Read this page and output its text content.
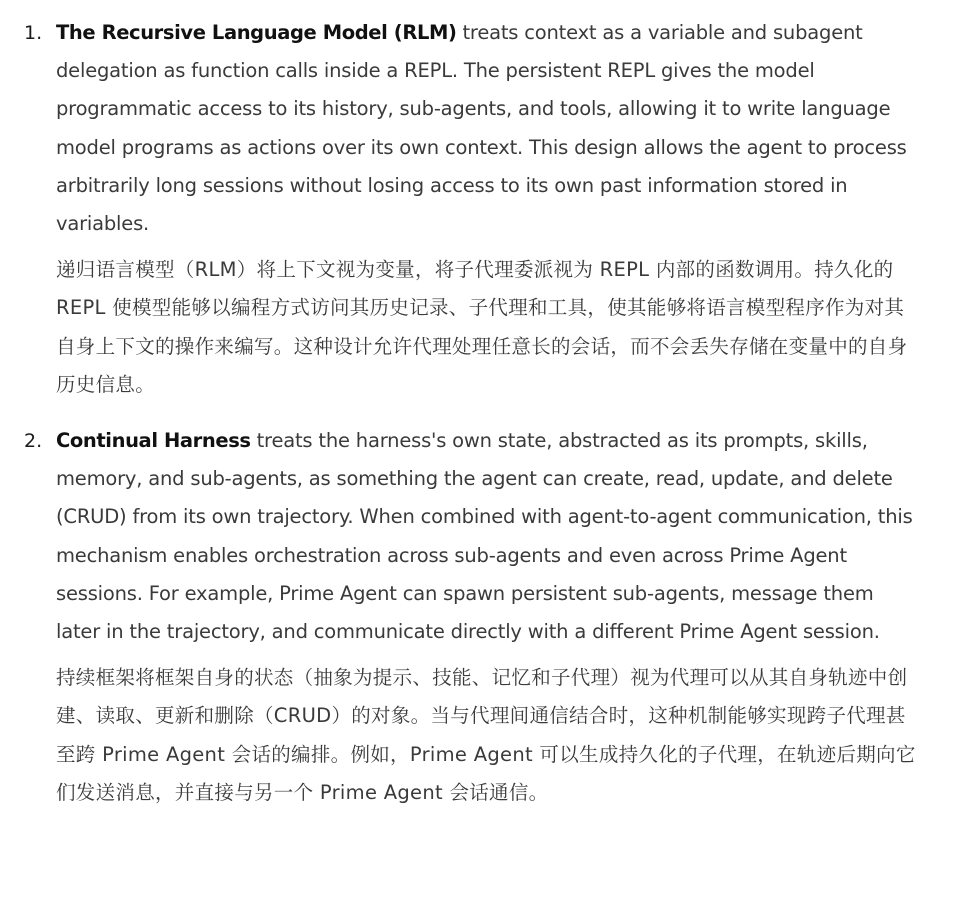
1. The Recursive Language Model (RLM) treats context as a variable and subagent delegation as function calls inside a REPL. The persistent REPL gives the model programmatic access to its history, sub-agents, and tools, allowing it to write language model programs as actions over its own context. This design allows the agent to process arbitrarily long sessions without losing access to its own past information stored in variables.

递归语言模型（RLM）将上下文视为变量，将子代理委派视为 REPL 内部的函数调用。持久化的 REPL 使模型能够以编程方式访问其历史记录、子代理和工具，使其能够将语言模型程序作为对其自身上下文的操作来编写。这种设计允许代理处理任意长的会话，而不会丢失存储在变量中的自身历史信息。

2. Continual Harness treats the harness's own state, abstracted as its prompts, skills, memory, and sub-agents, as something the agent can create, read, update, and delete (CRUD) from its own trajectory. When combined with agent-to-agent communication, this mechanism enables orchestration across sub-agents and even across Prime Agent sessions. For example, Prime Agent can spawn persistent sub-agents, message them later in the trajectory, and communicate directly with a different Prime Agent session.

持续框架将框架自身的状态（抽象为提示、技能、记忆和子代理）视为代理可以从其自身轨迹中创建、读取、更新和删除（CRUD）的对象。当与代理间通信结合时，这种机制能够实现跨子代理甚至跨 Prime Agent 会话的编排。例如，Prime Agent 可以生成持久化的子代理，在轨迹后期向它们发送消息，并直接与另一个 Prime Agent 会话通信。
